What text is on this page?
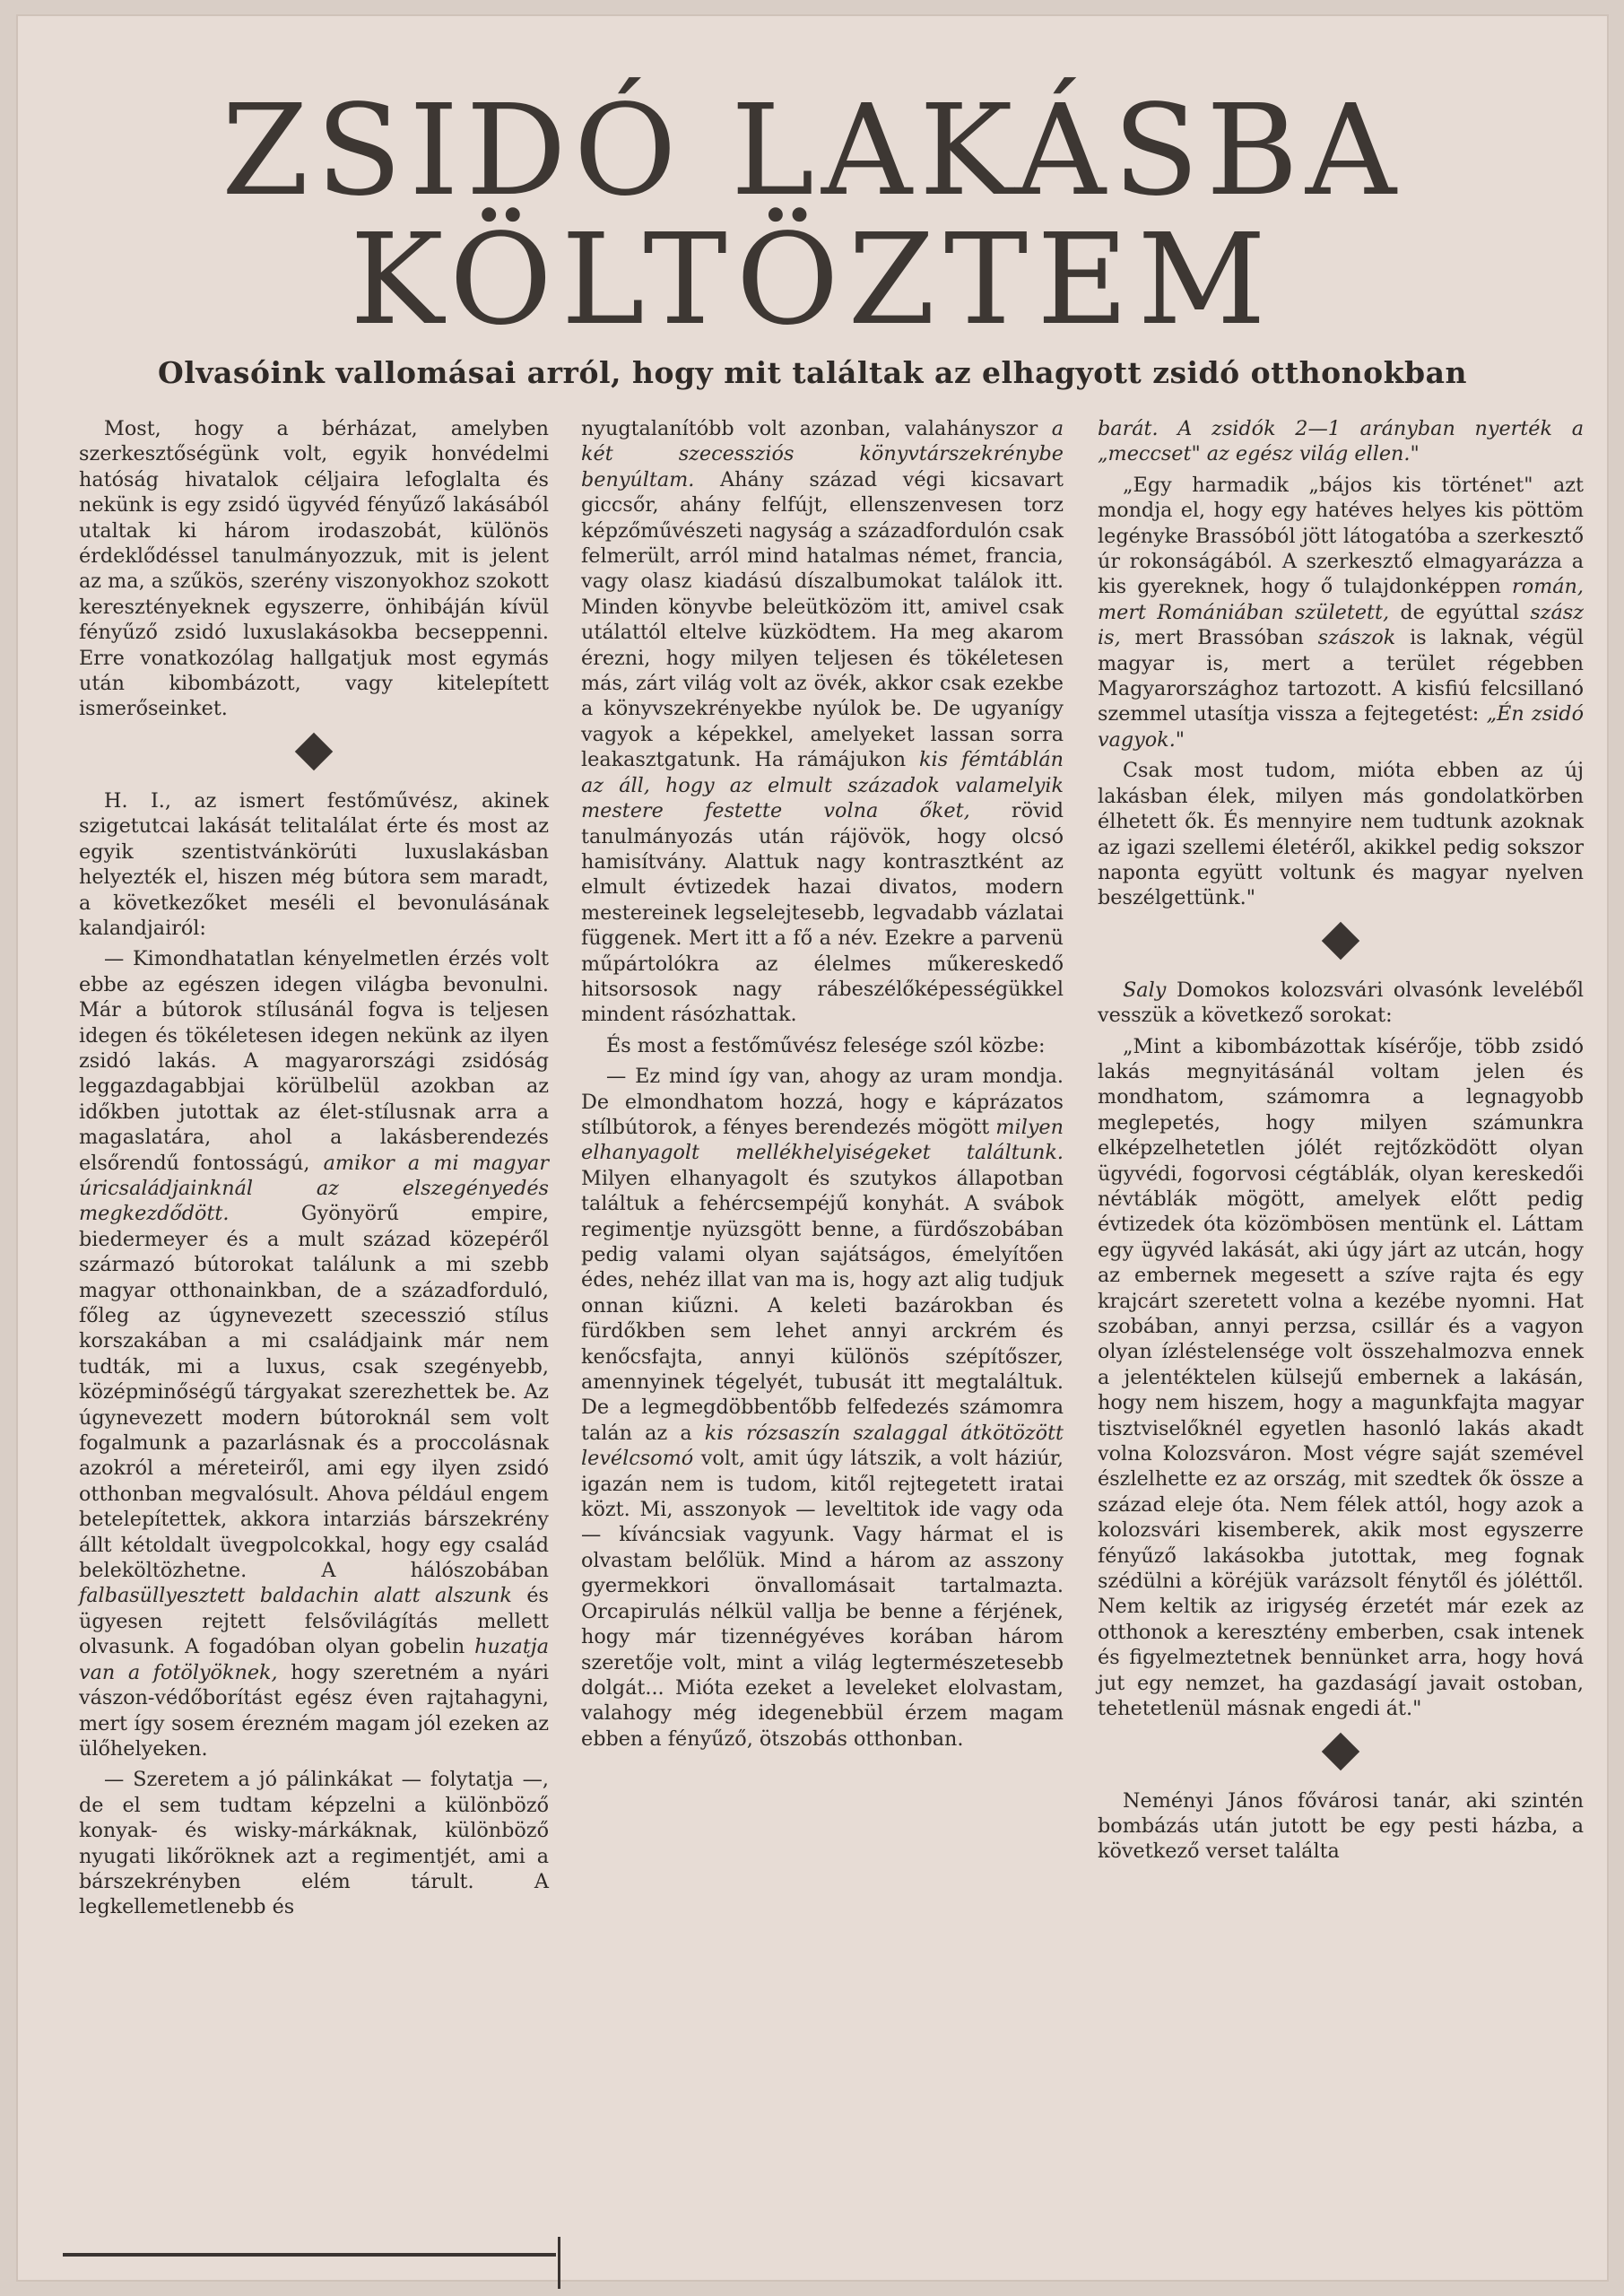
ZSIDÓ LAKÁSBA
KÖLTÖZTEM
Olvasóink vallomásai arról, hogy mit találtak az elhagyott zsidó otthonokban

Most, hogy a bérházat, amelyben szerkesztőségünk volt, egyik honvédelmi hatóság hivatalok céljaira lefoglalta és nekünk is egy zsidó ügyvéd fényűző lakásából utaltak ki három irodaszobát, különös érdeklődéssel tanulmányozzuk, mit is jelent az ma, a szűkös, szerény viszonyokhoz szokott keresztényeknek egyszerre, önhibáján kívül fényűző zsidó luxuslakásokba becseppenni. Erre vonatkozólag hallgatjuk most egymás után kibombázott, vagy kitelepített ismerőseinket.

H. I., az ismert festőművész, akinek szigetutcai lakását telitalálat érte és most az egyik szentistvánkörúti luxuslakásban helyezték el, hiszen még bútora sem maradt, a következőket meséli el bevonulásának kalandjairól:

— Kimondhatatlan kényelmetlen érzés volt ebbe az egészen idegen világba bevonulni. Már a bútorok stílusánál fogva is teljesen idegen és tökéletesen idegen nekünk az ilyen zsidó lakás. A magyarországi zsidóság leggazdagabbjai körülbelül azokban az időkben jutottak az élet-stílusnak arra a magaslatára, ahol a lakásberendezés elsőrendű fontosságú, amikor a mi magyar úricsaládjainknál az elszegényedés megkezdődött.	Gyönyörű empire, biedermeyer és a mult század közepéről származó bútorokat találunk a mi szebb magyar otthonainkban, de a századforduló, főleg az úgynevezett szecesszió stílus korszakában a mi családjaink már nem tudták, mi a luxus, csak szegényebb, középminőségű tárgyakat szerezhettek be. Az úgynevezett modern bútoroknál sem volt fogalmunk a pazarlásnak és a proccolásnak azokról a méreteiről, ami egy ilyen zsidó otthonban megvalósult. Ahova például engem betelepítettek, akkora intarziás bárszekrény állt kétoldalt üvegpolcokkal, hogy egy család beleköltözhetne. A hálószobában falbasüllyesztett baldachin alatt alszunk és ügyesen rejtett felsővilágítás mellett olvasunk. A fogadóban olyan gobelin huzatja van a fotölyöknek, hogy szeretném a nyári vászon-védőborítást egész éven rajtahagyni, mert így sosem érezném magam jól ezeken az ülőhelyeken.

— Szeretem a jó pálinkákat — folytatja —, de el sem tudtam képzelni a különböző konyak- és wisky-márkáknak, különböző nyugati likőröknek azt a regimentjét, ami a bárszekrényben elém tárult. A legkellemetlenebb és

nyugtalanítóbb volt azonban, valahányszor a két szecessziós könyvtárszekrénybe benyúltam. Ahány század végi kicsavart giccsőr, ahány felfújt, ellenszenvesen torz képzőművészeti nagyság a századfordulón csak felmerült, arról mind hatalmas német, francia, vagy olasz kiadású díszalbumokat találok itt. Minden könyvbe beleütközöm itt, amivel csak utálattól eltelve küzködtem. Ha meg akarom érezni, hogy milyen teljesen és tökéletesen más, zárt világ volt az övék, akkor csak ezekbe a könyvszekrényekbe nyúlok be. De ugyanígy vagyok a képekkel, amelyeket lassan sorra leakasztgatunk. Ha rámájukon kis fémtáblán az áll, hogy az elmult századok valamelyik mestere festette volna őket, rövid tanulmányozás után rájövök, hogy olcsó hamisítvány. Alattuk nagy kontrasztként az elmult évtizedek hazai divatos, modern mestereinek legselejtesebb, legvadabb vázlatai függenek. Mert itt a fő a név. Ezekre a parvenü műpártolókra az élelmes műkereskedő hitsorsosok nagy rábeszélőképességükkel mindent rásózhattak.

És most a festőművész felesége szól közbe:

— Ez mind így van, ahogy az uram mondja. De elmondhatom hozzá, hogy e káprázatos stílbútorok, a fényes berendezés mögött milyen elhanyagolt mellékhelyiségeket találtunk. Milyen elhanyagolt és szutykos állapotban találtuk a fehércsempéjű konyhát. A svábok regimentje nyüzsgött benne, a fürdőszobában pedig valami olyan sajátságos, émelyítően édes, nehéz illat van ma is, hogy azt alig tudjuk onnan kiűzni. A keleti bazárokban és fürdőkben sem lehet annyi arckrém és kenőcsfajta, annyi különös szépítőszer, amennyinek tégelyét, tubusát itt megtaláltuk. De a legmegdöbbentőbb felfedezés számomra talán az a kis rózsaszín szalaggal átkötözött levélcsomó volt, amit úgy látszik, a volt háziúr, igazán nem is tudom, kitől rejtegetett iratai közt. Mi, asszonyok — leveltitok ide vagy oda — kíváncsiak vagyunk. Vagy hármat el is olvastam belőlük. Mind a három az asszony gyermekkori önvallomásait tartalmazta. Orcapirulás nélkül vallja be benne a férjének, hogy már tizennégyéves korában három szeretője volt, mint a világ legtermészetesebb dolgát... Mióta ezeket a leveleket elolvastam, valahogy még idegenebbül érzem magam ebben a fényűző, ötszobás otthonban.

barát. A zsidók 2—1 arányban nyerték a „meccset" az egész világ ellen."

„Egy harmadik „bájos kis történet" azt mondja el, hogy egy hatéves helyes kis pöttöm legényke Brassóból jött látogatóba a szerkesztő úr rokonságából. A szerkesztő elmagyarázza a kis gyereknek, hogy ő tulajdonképpen román, mert Romániában született, de egyúttal szász is, mert Brassóban szászok is laknak, végül magyar is, mert a terület régebben Magyarországhoz tartozott. A kisfiú felcsillanó szemmel utasítja vissza a fejtegetést: „Én zsidó vagyok."

Csak most tudom, mióta ebben az új lakásban élek, milyen más gondolatkörben élhetett ők. És mennyire nem tudtunk azoknak az igazi szellemi életéről, akikkel pedig sokszor naponta együtt voltunk és magyar nyelven beszélgettünk."

Saly Domokos kolozsvári olvasónk leveléből vesszük a következő sorokat:

„Mint a kibombázottak kísérője, több zsidó lakás megnyitásánál voltam jelen és mondhatom, számomra a legnagyobb meglepetés, hogy milyen számunkra elképzelhetetlen jólét rejtőzködött olyan ügyvédi, fogorvosi cégtáblák, olyan kereskedői névtáblák mögött, amelyek előtt pedig évtizedek óta közömbösen mentünk el. Láttam egy ügyvéd lakását, aki úgy járt az utcán, hogy az embernek megesett a szíve rajta és egy krajcárt szeretett volna a kezébe nyomni. Hat szobában, annyi perzsa, csillár és a vagyon olyan ízléstelensége volt összehalmozva ennek a jelentéktelen külsejű embernek a lakásán, hogy nem hiszem, hogy a magunkfajta magyar tisztviselőknél egyetlen hasonló lakás akadt volna Kolozsváron. Most végre saját szemével észlelhette ez az ország, mit szedtek ők össze a század eleje óta. Nem félek attól, hogy azok a kolozsvári kisemberek, akik most egyszerre fényűző lakásokba jutottak, meg fognak szédülni a köréjük varázsolt fénytől és jóléttől. Nem keltik az irigység érzetét már ezek az otthonok a keresztény emberben, csak intenek és figyelmeztetnek bennünket arra, hogy hová jut egy nemzet, ha gazdaságí javait ostoban, tehetetlenül másnak engedi át."

Neményi János fővárosi tanár, aki szintén bombázás után jutott be egy pesti házba, a következő verset találta
